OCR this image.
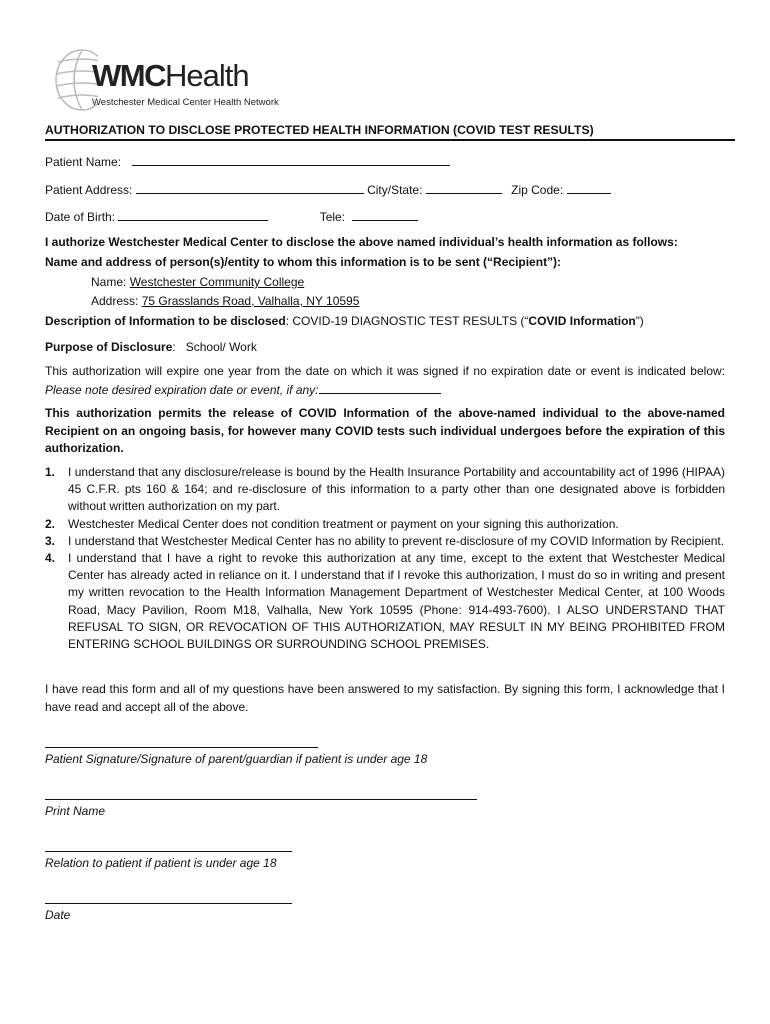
WMCHealth
Westchester Medical Center Health Network
AUTHORIZATION TO DISCLOSE PROTECTED HEALTH INFORMATION (COVID TEST RESULTS)
Patient Name:
Patient Address:	City/State:	Zip Code:
Date of Birth:	Tele:
I authorize Westchester Medical Center to disclose the above named individual’s health information as follows:
Name and address of person(s)/entity to whom this information is to be sent (“Recipient”):
Name: Westchester Community College
Address: 75 Grasslands Road, Valhalla, NY 10595
Description of Information to be disclosed: COVID-19 DIAGNOSTIC TEST RESULTS (“COVID Information”)
Purpose of Disclosure:   School/ Work
This authorization will expire one year from the date on which it was signed if no expiration date or event is indicated below: Please note desired expiration date or event, if any:
This authorization permits the release of COVID Information of the above-named individual to the above-named Recipient on an ongoing basis, for however many COVID tests such individual undergoes before the expiration of this authorization.
1. I understand that any disclosure/release is bound by the Health Insurance Portability and accountability act of 1996 (HIPAA) 45 C.F.R. pts 160 & 164; and re-disclosure of this information to a party other than one designated above is forbidden without written authorization on my part.
2. Westchester Medical Center does not condition treatment or payment on your signing this authorization.
3. I understand that Westchester Medical Center has no ability to prevent re-disclosure of my COVID Information by Recipient.
4. I understand that I have a right to revoke this authorization at any time, except to the extent that Westchester Medical Center has already acted in reliance on it. I understand that if I revoke this authorization, I must do so in writing and present my written revocation to the Health Information Management Department of Westchester Medical Center, at 100 Woods Road, Macy Pavilion, Room M18, Valhalla, New York 10595 (Phone: 914-493-7600). I ALSO UNDERSTAND THAT REFUSAL TO SIGN, OR REVOCATION OF THIS AUTHORIZATION, MAY RESULT IN MY BEING PROHIBITED FROM ENTERING SCHOOL BUILDINGS OR SURROUNDING SCHOOL PREMISES.
I have read this form and all of my questions have been answered to my satisfaction. By signing this form, I acknowledge that I have read and accept all of the above.
Patient Signature/Signature of parent/guardian if patient is under age 18
Print Name
Relation to patient if patient is under age 18
Date
